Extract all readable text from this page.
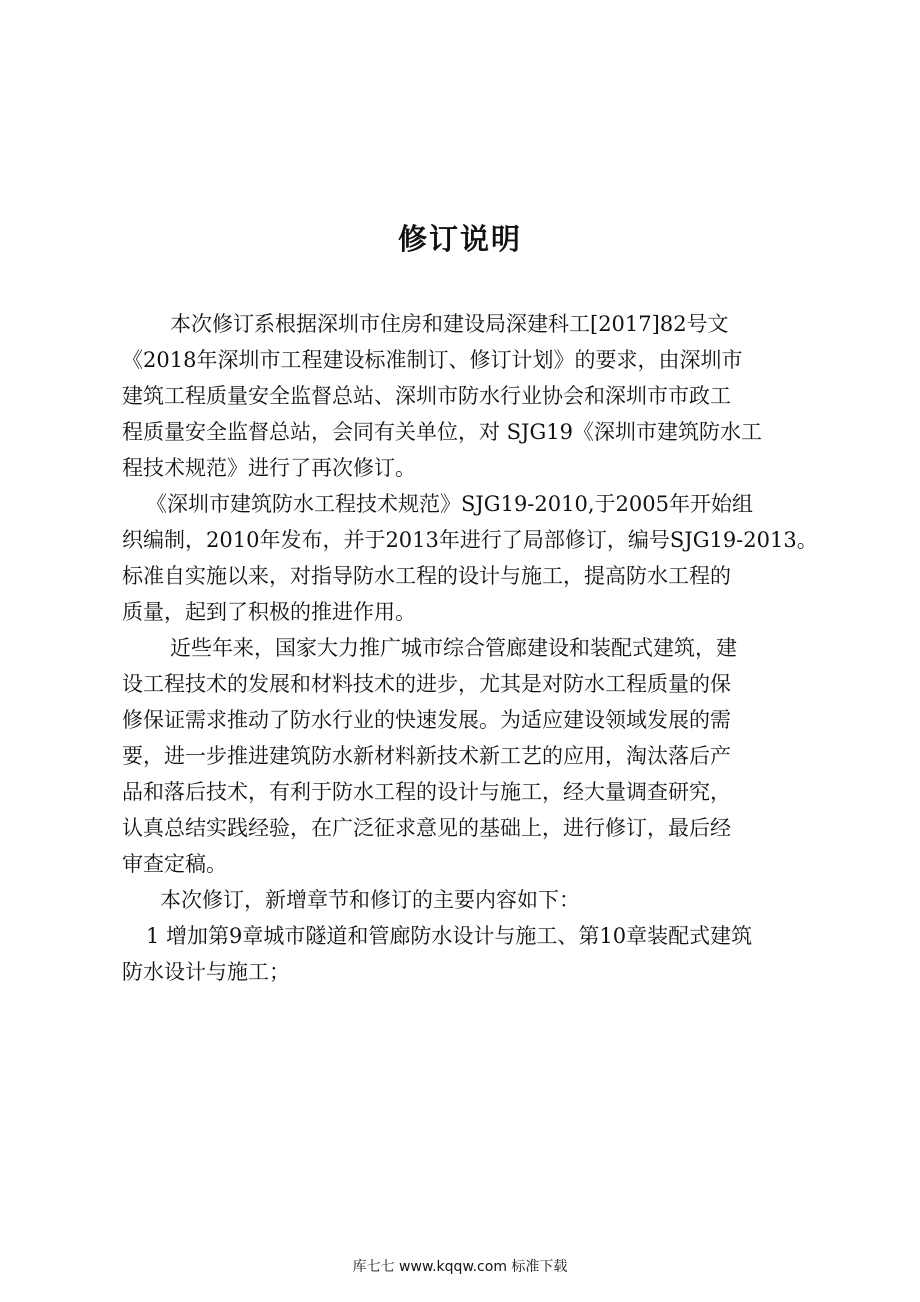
修订说明
本次修订系根据深圳市住房和建设局深建科工[2017]82号文
《2018年深圳市工程建设标准制订、修订计划》的要求，由深圳市
建筑工程质量安全监督总站、深圳市防水行业协会和深圳市市政工
程质量安全监督总站，会同有关单位，对 SJG19《深圳市建筑防水工
程技术规范》进行了再次修订。
《深圳市建筑防水工程技术规范》SJG19-2010,于2005年开始组
织编制，2010年发布，并于2013年进行了局部修订，编号SJG19-2013。
标准自实施以来，对指导防水工程的设计与施工，提高防水工程的
质量，起到了积极的推进作用。
近些年来，国家大力推广城市综合管廊建设和装配式建筑，建
设工程技术的发展和材料技术的进步，尤其是对防水工程质量的保
修保证需求推动了防水行业的快速发展。为适应建设领域发展的需
要，进一步推进建筑防水新材料新技术新工艺的应用，淘汰落后产
品和落后技术，有利于防水工程的设计与施工，经大量调查研究，
认真总结实践经验，在广泛征求意见的基础上，进行修订，最后经
审查定稿。
本次修订，新增章节和修订的主要内容如下：
1 增加第9章城市隧道和管廊防水设计与施工、第10章装配式建筑
防水设计与施工；
库七七 www.kqqw.com 标准下载
